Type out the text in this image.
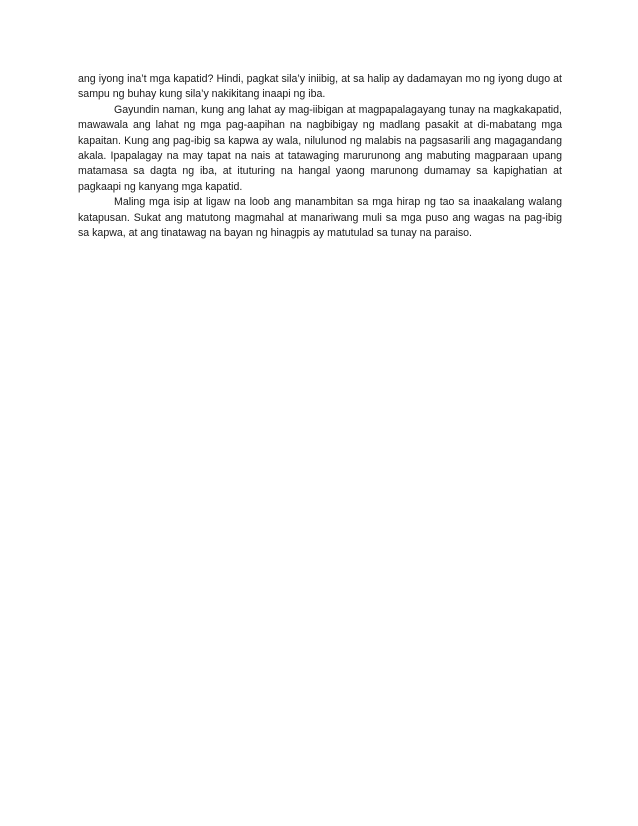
ang iyong ina’t mga kapatid? Hindi, pagkat sila’y iniibig, at sa halip ay dadamayan mo ng iyong dugo at sampu ng buhay kung sila’y nakikitang inaapi ng iba.

Gayundin naman, kung ang lahat ay mag-iibigan at magpapalagayang tunay na magkakapatid, mawawala ang lahat ng mga pag-aapihan na nagbibigay ng madlang pasakit at di-mabatang mga kapaitan. Kung ang pag-ibig sa kapwa ay wala, nilulunod ng malabis na pagsasarili ang magagandang akala. Ipapalagay na may tapat na nais at tatawaging marurunong ang mabuting magparaan upang matamasa sa dagta ng iba, at ituturing na hangal yaong marunong dumamay sa kapighatian at pagkaapi ng kanyang mga kapatid.

Maling mga isip at ligaw na loob ang manambitan sa mga hirap ng tao sa inaakalang walang katapusan. Sukat ang matutong magmahal at manariwang muli sa mga puso ang wagas na pag-ibig sa kapwa, at ang tinatawag na bayan ng hinagpis ay matutulad sa tunay na paraiso.
